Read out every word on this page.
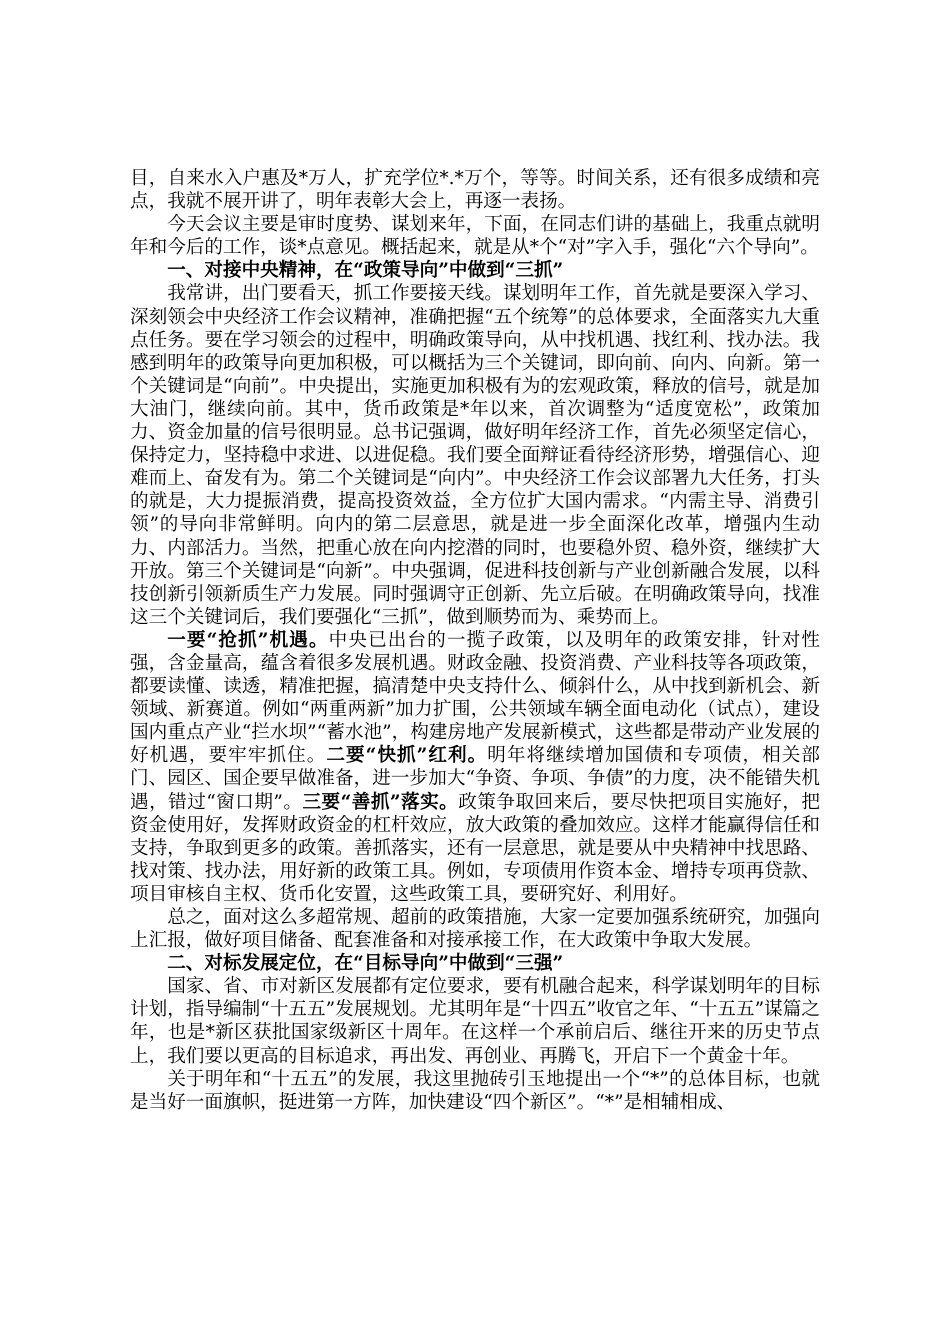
目，自来水入户惠及*万人，扩充学位*.*万个，等等。时间关系，还有很多成绩和亮点，我就不展开讲了，明年表彰大会上，再逐一表扬。

今天会议主要是审时度势、谋划来年，下面，在同志们讲的基础上，我重点就明年和今后的工作，谈*点意见。概括起来，就是从*个“对”字入手，强化“六个导向”。

一、对接中央精神，在“政策导向”中做到“三抓”

我常讲，出门要看天，抓工作要接天线。谋划明年工作，首先就是要深入学习、深刻领会中央经济工作会议精神，准确把握“五个统筹”的总体要求，全面落实九大重点任务。要在学习领会的过程中，明确政策导向，从中找机遇、找红利、找办法。我感到明年的政策导向更加积极，可以概括为三个关键词，即向前、向内、向新。第一个关键词是“向前”。中央提出，实施更加积极有为的宏观政策，释放的信号，就是加大油门，继续向前。其中，货币政策是*年以来，首次调整为“适度宽松”，政策加力、资金加量的信号很明显。总书记强调，做好明年经济工作，首先必须坚定信心，保持定力，坚持稳中求进、以进促稳。我们要全面辩证看待经济形势，增强信心、迎难而上、奋发有为。第二个关键词是“向内”。中央经济工作会议部署九大任务，打头的就是，大力提振消费，提高投资效益，全方位扩大国内需求。“内需主导、消费引领”的导向非常鲜明。向内的第二层意思，就是进一步全面深化改革，增强内生动力、内部活力。当然，把重心放在向内挖潜的同时，也要稳外贸、稳外资，继续扩大开放。第三个关键词是“向新”。中央强调，促进科技创新与产业创新融合发展，以科技创新引领新质生产力发展。同时强调守正创新、先立后破。在明确政策导向，找准这三个关键词后，我们要强化“三抓”，做到顺势而为、乘势而上。

一要“抢抓”机遇。中央已出台的一揽子政策，以及明年的政策安排，针对性强，含金量高，蕴含着很多发展机遇。财政金融、投资消费、产业科技等各项政策，都要读懂、读透，精准把握，搞清楚中央支持什么、倾斜什么，从中找到新机会、新领域、新赛道。例如“两重两新”加力扩围，公共领域车辆全面电动化（试点），建设国内重点产业“拦水坝”“蓄水池”，构建房地产发展新模式，这些都是带动产业发展的好机遇，要牢牢抓住。二要“快抓”红利。明年将继续增加国债和专项债，相关部门、园区、国企要早做准备，进一步加大“争资、争项、争债”的力度，决不能错失机遇，错过“窗口期”。三要“善抓”落实。政策争取回来后，要尽快把项目实施好，把资金使用好，发挥财政资金的杠杆效应，放大政策的叠加效应。这样才能赢得信任和支持，争取到更多的政策。善抓落实，还有一层意思，就是要从中央精神中找思路、找对策、找办法，用好新的政策工具。例如，专项债用作资本金、增持专项再贷款、项目审核自主权、货币化安置，这些政策工具，要研究好、利用好。

总之，面对这么多超常规、超前的政策措施，大家一定要加强系统研究，加强向上汇报，做好项目储备、配套准备和对接承接工作，在大政策中争取大发展。

二、对标发展定位，在“目标导向”中做到“三强”

国家、省、市对新区发展都有定位要求，要有机融合起来，科学谋划明年的目标计划，指导编制“十五五”发展规划。尤其明年是“十四五”收官之年、“十五五”谋篇之年，也是*新区获批国家级新区十周年。在这样一个承前启后、继往开来的历史节点上，我们要以更高的目标追求，再出发、再创业、再腾飞，开启下一个黄金十年。

关于明年和“十五五”的发展，我这里抛砖引玉地提出一个“*”的总体目标，也就是当好一面旗帜，挺进第一方阵，加快建设“四个新区”。“*”是相辅相成、
